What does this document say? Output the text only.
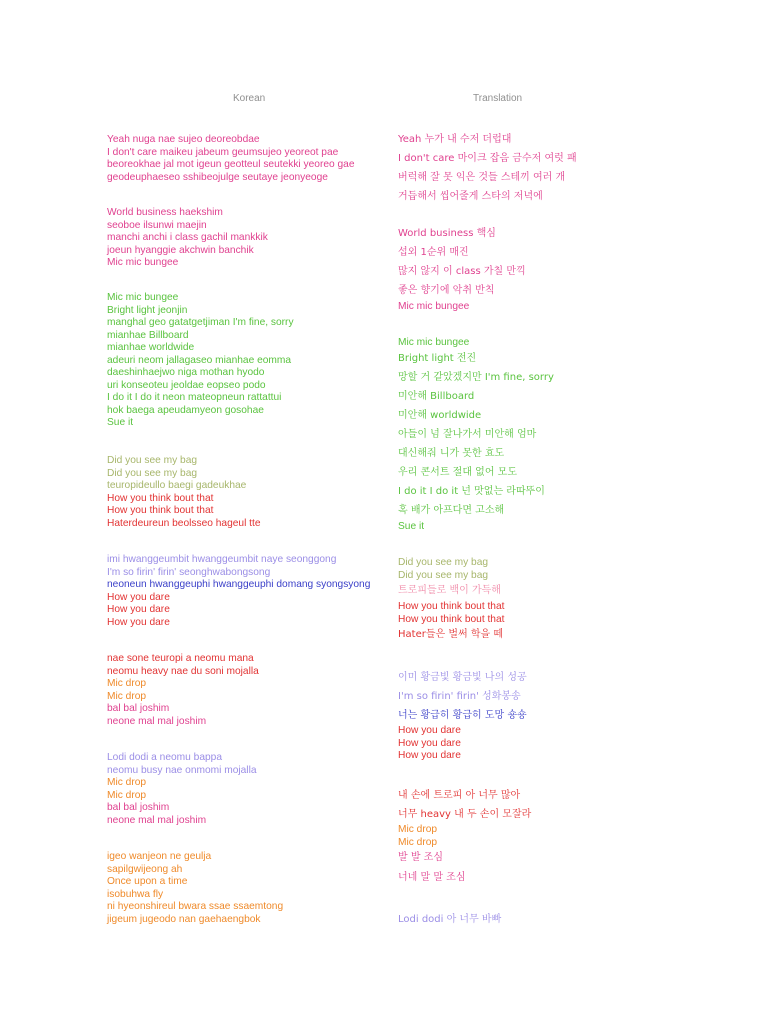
Korean	Translation
Yeah nuga nae sujeo deoreobdae
I don't care maikeu jabeum geumsujeo yeoreot pae
beoreokhae jal mot igeun geotteul seutekki yeoreo gae
geodeuphaeseo sshibeojulge seutaye jeonyeoge
World business haekshim
seoboe ilsunwi maejin
manchi anchi i class gachil mankkik
joeun hyanggie akchwin banchik
Mic mic bungee
Mic mic bungee
Bright light jeonjin
manghal geo gatatgetjiman I'm fine, sorry
mianhae Billboard
mianhae worldwide
adeuri neom jallagaseo mianhae eomma
daeshinhaejwo niga mothan hyodo
uri konseoteu jeoldae eopseo podo
I do it I do it neon mateopneun rattattui
hok baega apeudamyeon gosohae
Sue it
Did you see my bag
Did you see my bag
teuropideullo baegi gadeukhae
How you think bout that
How you think bout that
Haterdeureun beolsseo hageul tte
imi hwanggeumbit hwanggeumbit naye seonggong
I'm so firin' firin' seonghwabongsong
neoneun hwanggeuphi hwanggeuphi domang syongsyong
How you dare
How you dare
How you dare
nae sone teuropi a neomu mana
neomu heavy nae du soni mojalla
Mic drop
Mic drop
bal bal joshim
neone mal mal joshim
Lodi dodi a neomu bappa
neomu busy nae onmomi mojalla
Mic drop
Mic drop
bal bal joshim
neone mal mal joshim
igeo wanjeon ne geulja
sapilgwijeong ah
Once upon a time
isobuhwa fly
ni hyeonshireul bwara ssae ssaemtong
jigeum jugeodo nan gaehaengbok
Yeah 누가 내 수저 더럽대
I don't care 마이크 잡음 금수저 여럿 패
버럭해 잘 못 익은 것들 스테끼 여러 개
거듭해서 씹어줄게 스타의 저녁에
World business 핵심
섭외 1순위 매진
많지 않지 이 class 가칠 만끽
좋은 향기에 악취 반칙
Mic mic bungee
Mic mic bungee
Bright light 전진
망할 거 같았겠지만 I'm fine, sorry
미안해 Billboard
미안해 worldwide
아들이 넘 잘나가서 미안해 엄마
대신해줘 니가 못한 효도
우리 콘서트 절대 없어 모도
I do it I do it 넌 맛없는 라따뚜이
혹 배가 아프다면 고소해
Sue it
Did you see my bag
Did you see my bag
트로피들로 백이 가득해
How you think bout that
How you think bout that
Hater들은 벌써 학을 떼
이미 황금빛 황금빛 나의 성공
I'm so firin' firin' 성화봉송
너는 황급히 황급히 도망 숑숑
How you dare
How you dare
How you dare
내 손에 트로피 아 너무 많아
너무 heavy 내 두 손이 모잘라
Mic drop
Mic drop
발 발 조심
너네 말 말 조심
Lodi dodi 아 너무 바빠
